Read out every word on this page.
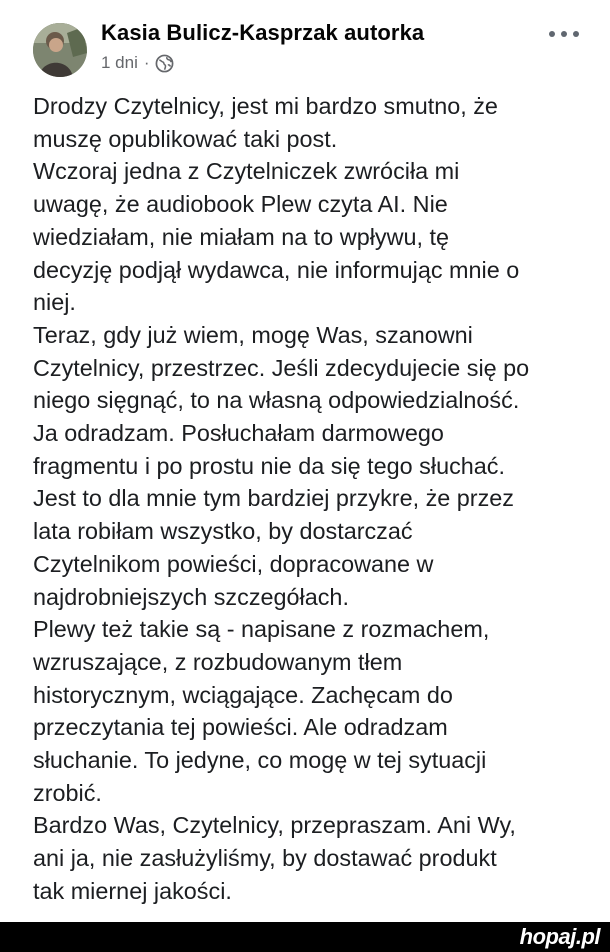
Kasia Bulicz-Kasprzak autorka
1 dni ·

Drodzy Czytelnicy, jest mi bardzo smutno, że

muszę opublikować taki post.

Wczoraj jedna z Czytelniczek zwróciła mi

uwagę, że audiobook Plew czyta AI. Nie

wiedziałam, nie miałam na to wpływu, tę

decyzję podjął wydawca, nie informując mnie o

niej.

Teraz, gdy już wiem, mogę Was, szanowni

Czytelnicy, przestrzec. Jeśli zdecydujecie się po

niego sięgnąć, to na własną odpowiedzialność.

Ja odradzam. Posłuchałam darmowego

fragmentu i po prostu nie da się tego słuchać.

Jest to dla mnie tym bardziej przykre, że przez

lata robiłam wszystko, by dostarczać

Czytelnikom powieści, dopracowane w

najdrobniejszych szczegółach.

Plewy też takie są - napisane z rozmachem,

wzruszające, z rozbudowanym tłem

historycznym, wciągające. Zachęcam do

przeczytania tej powieści. Ale odradzam

słuchanie. To jedyne, co mogę w tej sytuacji

zrobić.

Bardzo Was, Czytelnicy, przepraszam. Ani Wy,

ani ja, nie zasłużyliśmy, by dostawać produkt

tak miernej jakości.

hopaj.pl
